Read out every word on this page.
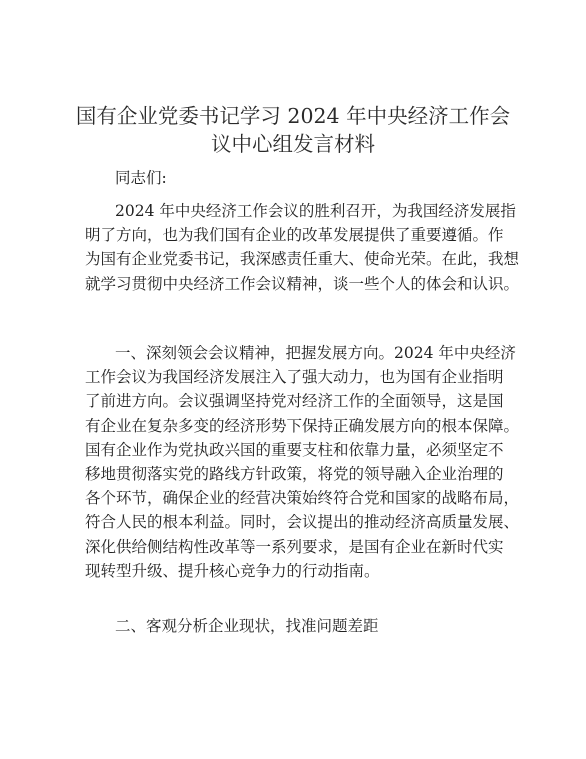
国有企业党委书记学习 2024 年中央经济工作会
议中心组发言材料

同志们:

2024 年中央经济工作会议的胜利召开，为我国经济发展指
明了方向，也为我们国有企业的改革发展提供了重要遵循。作
为国有企业党委书记，我深感责任重大、使命光荣。在此，我想
就学习贯彻中央经济工作会议精神，谈一些个人的体会和认识。
一、深刻领会会议精神，把握发展方向。2024 年中央经济
工作会议为我国经济发展注入了强大动力，也为国有企业指明
了前进方向。会议强调坚持党对经济工作的全面领导，这是国
有企业在复杂多变的经济形势下保持正确发展方向的根本保障。
国有企业作为党执政兴国的重要支柱和依靠力量，必须坚定不
移地贯彻落实党的路线方针政策，将党的领导融入企业治理的
各个环节，确保企业的经营决策始终符合党和国家的战略布局，
符合人民的根本利益。同时，会议提出的推动经济高质量发展、
深化供给侧结构性改革等一系列要求，是国有企业在新时代实
现转型升级、提升核心竞争力的行动指南。

二、客观分析企业现状，找准问题差距
